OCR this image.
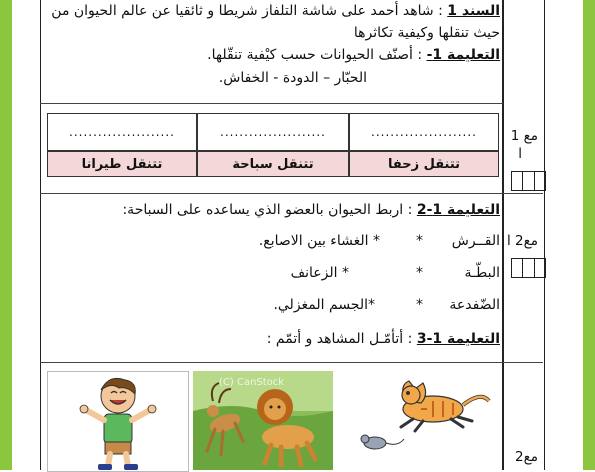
السند 1 : شاهد أحمد على شاشة التلفاز شريطا و ثائقيا عن عالم الحيوان من
حيث تنقلها وكيفية تكاثرها
التعليمة 1- : أصنّف الحيوانات حسب كيْفية تنقّلها.
الحبّار – الدودة - الخفاش.
......................
......................
......................
تتنقل زحفا
تتنقل سباحة
تتنقل طيرانا
التعليمة 1-2 : اربط الحيوان بالعضو الذي يساعده على السباحة:
القــرش
*
* الغشاء بين الاصابع.
البطّـة
*
* الزعانف
الضّفدعة
*
*الجسم المغزلي.
التعليمة 1-3 : أتأمّـل المشاهد و أتمّم :
مع 1
ا
مع2 ا
مع2
(C) CanStock
